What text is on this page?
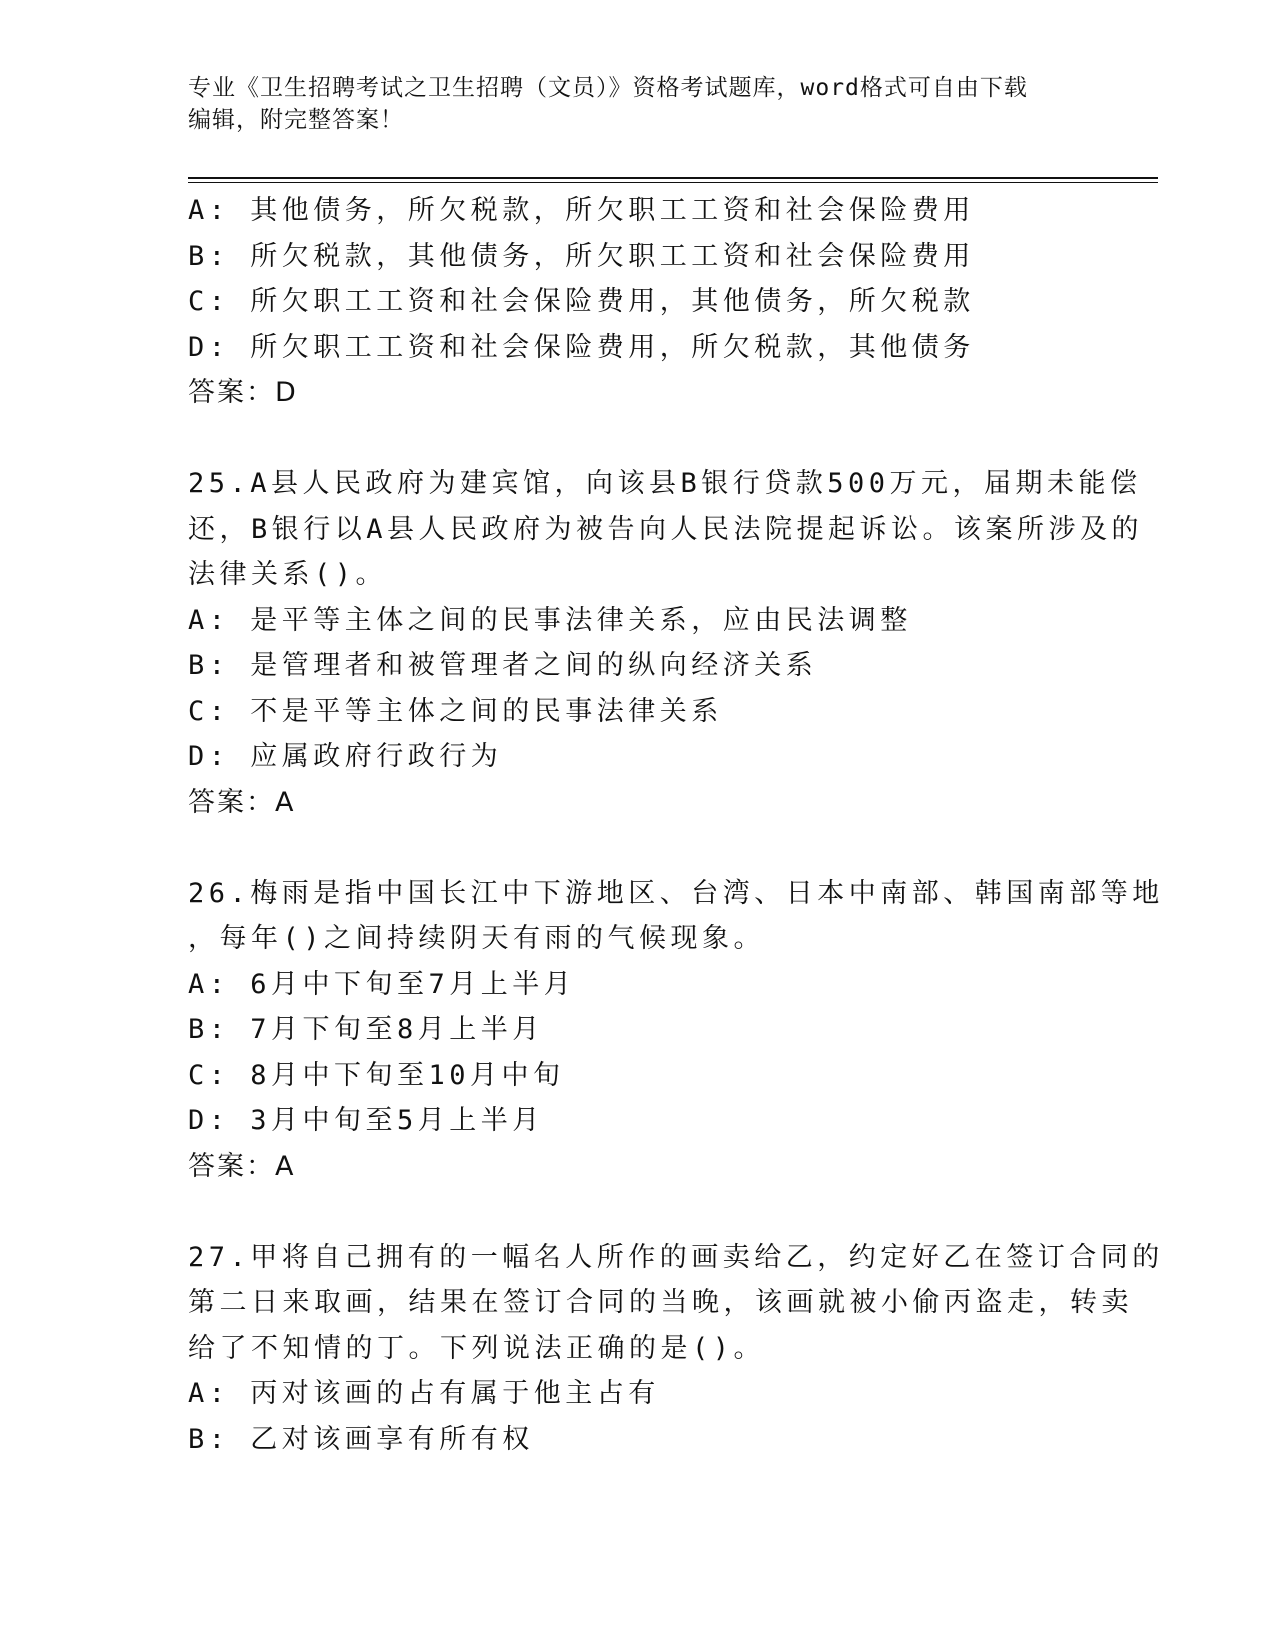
专业《卫生招聘考试之卫生招聘（文员）》资格考试题库，word格式可自由下载
编辑，附完整答案！
A: 其他债务，所欠税款，所欠职工工资和社会保险费用
B: 所欠税款，其他债务，所欠职工工资和社会保险费用
C: 所欠职工工资和社会保险费用，其他债务，所欠税款
D: 所欠职工工资和社会保险费用，所欠税款，其他债务
答案：D
25.A县人民政府为建宾馆，向该县B银行贷款500万元，届期未能偿
还，B银行以A县人民政府为被告向人民法院提起诉讼。该案所涉及的
法律关系()。
A: 是平等主体之间的民事法律关系，应由民法调整
B: 是管理者和被管理者之间的纵向经济关系
C: 不是平等主体之间的民事法律关系
D: 应属政府行政行为
答案：A
26.梅雨是指中国长江中下游地区、台湾、日本中南部、韩国南部等地
，每年()之间持续阴天有雨的气候现象。
A: 6月中下旬至7月上半月
B: 7月下旬至8月上半月
C: 8月中下旬至10月中旬
D: 3月中旬至5月上半月
答案：A
27.甲将自己拥有的一幅名人所作的画卖给乙，约定好乙在签订合同的
第二日来取画，结果在签订合同的当晚，该画就被小偷丙盗走，转卖
给了不知情的丁。下列说法正确的是()。
A: 丙对该画的占有属于他主占有
B: 乙对该画享有所有权
